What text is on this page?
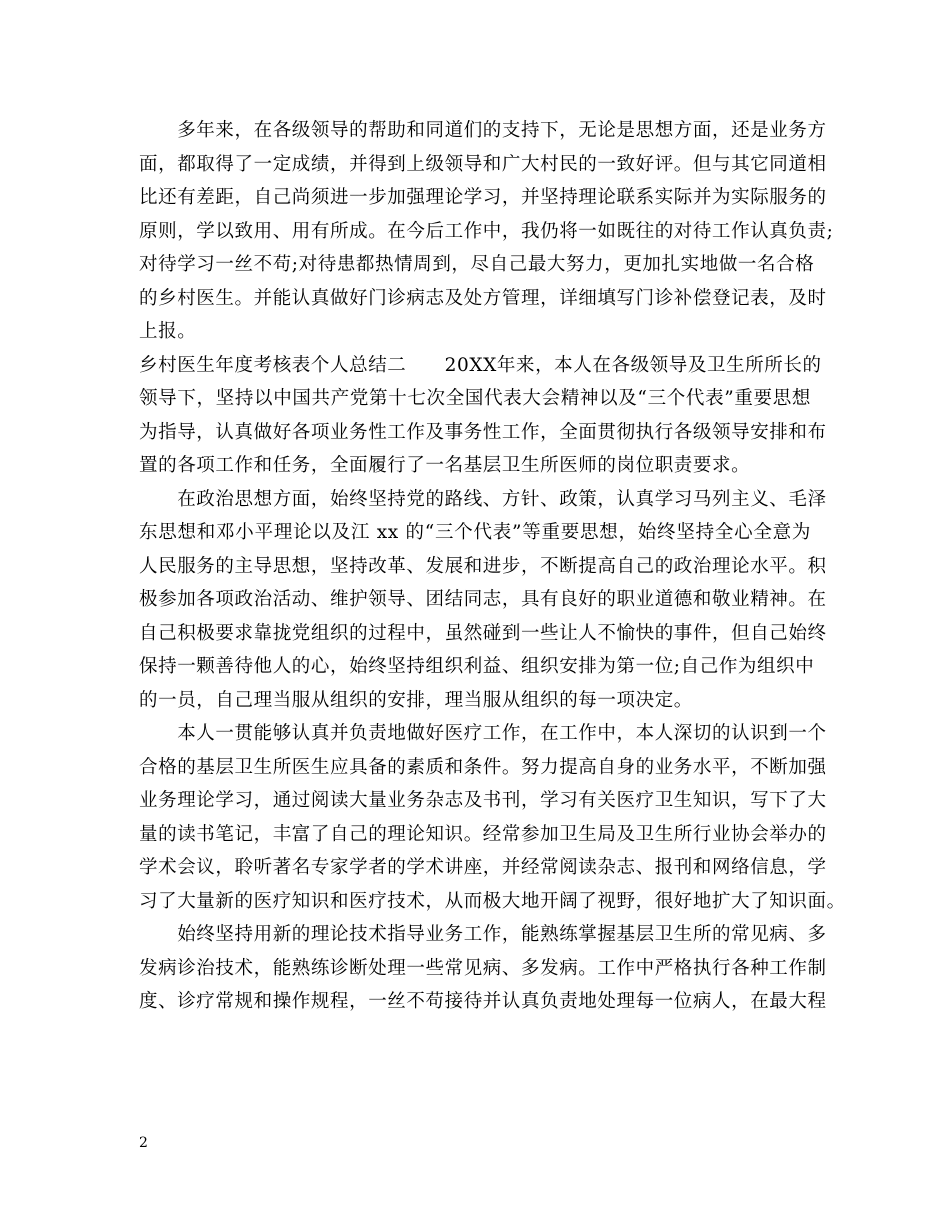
　　多年来，在各级领导的帮助和同道们的支持下，无论是思想方面，还是业务方
面，都取得了一定成绩，并得到上级领导和广大村民的一致好评。但与其它同道相
比还有差距，自己尚须进一步加强理论学习，并坚持理论联系实际并为实际服务的
原则，学以致用、用有所成。在今后工作中，我仍将一如既往的对待工作认真负责;
对待学习一丝不苟;对待患都热情周到，尽自己最大努力，更加扎实地做一名合格
的乡村医生。并能认真做好门诊病志及处方管理，详细填写门诊补偿登记表，及时
上报。
乡村医生年度考核表个人总结二　　20XX年来，本人在各级领导及卫生所所长的
领导下，坚持以中国共产党第十七次全国代表大会精神以及“三个代表”重要思想
为指导，认真做好各项业务性工作及事务性工作，全面贯彻执行各级领导安排和布
置的各项工作和任务，全面履行了一名基层卫生所医师的岗位职责要求。
　　在政治思想方面，始终坚持党的路线、方针、政策，认真学习马列主义、毛泽
东思想和邓小平理论以及江 xx 的“三个代表”等重要思想，始终坚持全心全意为
人民服务的主导思想，坚持改革、发展和进步，不断提高自己的政治理论水平。积
极参加各项政治活动、维护领导、团结同志，具有良好的职业道德和敬业精神。在
自己积极要求靠拢党组织的过程中，虽然碰到一些让人不愉快的事件，但自己始终
保持一颗善待他人的心，始终坚持组织利益、组织安排为第一位;自己作为组织中
的一员，自己理当服从组织的安排，理当服从组织的每一项决定。
　　本人一贯能够认真并负责地做好医疗工作，在工作中，本人深切的认识到一个
合格的基层卫生所医生应具备的素质和条件。努力提高自身的业务水平，不断加强
业务理论学习，通过阅读大量业务杂志及书刊，学习有关医疗卫生知识，写下了大
量的读书笔记，丰富了自己的理论知识。经常参加卫生局及卫生所行业协会举办的
学术会议，聆听著名专家学者的学术讲座，并经常阅读杂志、报刊和网络信息，学
习了大量新的医疗知识和医疗技术，从而极大地开阔了视野，很好地扩大了知识面。
　　始终坚持用新的理论技术指导业务工作，能熟练掌握基层卫生所的常见病、多
发病诊治技术，能熟练诊断处理一些常见病、多发病。工作中严格执行各种工作制
度、诊疗常规和操作规程，一丝不苟接待并认真负责地处理每一位病人，在最大程
2
